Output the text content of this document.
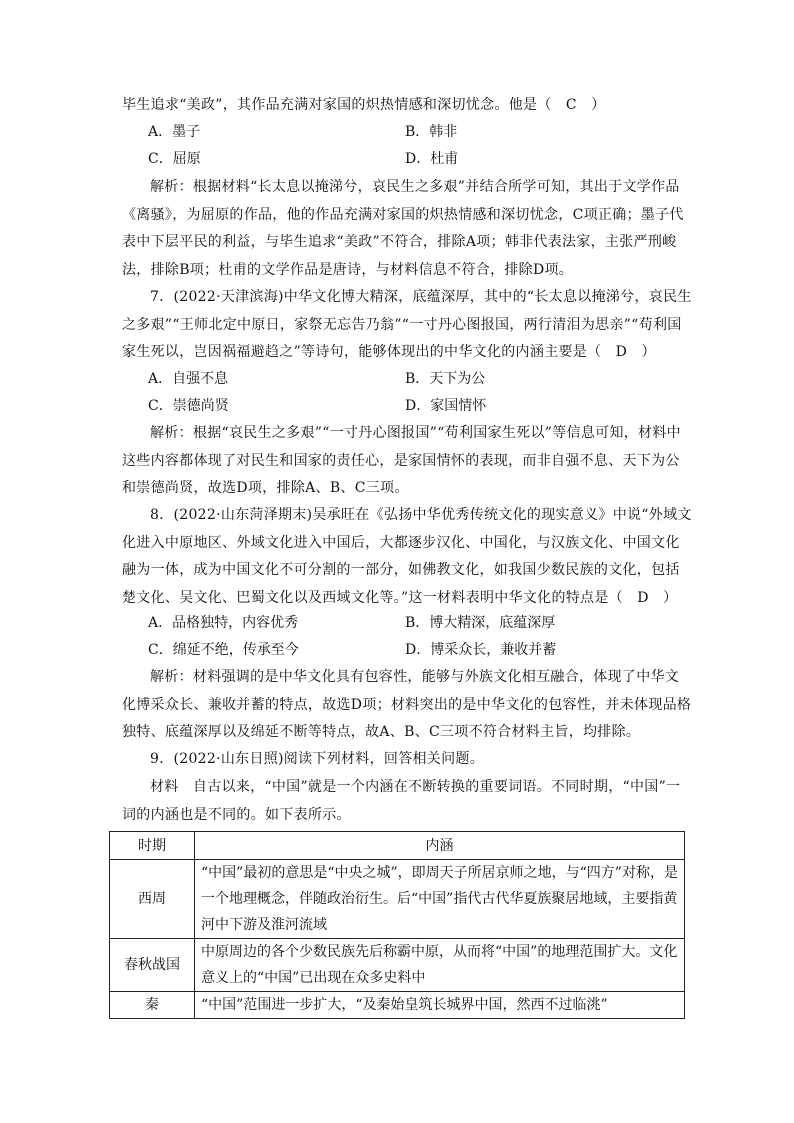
毕生追求“美政”，其作品充满对家国的炽热情感和深切忧念。他是（　C　）

A．墨子	B．韩非
C．屈原	D．杜甫

解析：根据材料“长太息以掩涕兮，哀民生之多艰”并结合所学可知，其出于文学作品《离骚》，为屈原的作品，他的作品充满对家国的炽热情感和深切忧念，C项正确；墨子代表中下层平民的利益，与毕生追求“美政”不符合，排除A项；韩非代表法家，主张严刑峻法，排除B项；杜甫的文学作品是唐诗，与材料信息不符合，排除D项。

7．(2022·天津滨海)中华文化博大精深，底蕴深厚，其中的“长太息以掩涕兮，哀民生之多艰”“王师北定中原日，家祭无忘告乃翁”“一寸丹心图报国，两行清泪为思亲”“苟利国家生死以，岂因祸福避趋之”等诗句，能够体现出的中华文化的内涵主要是（　D　）

A．自强不息	B．天下为公
C．崇德尚贤	D．家国情怀

解析：根据“哀民生之多艰”“一寸丹心图报国”“苟利国家生死以”等信息可知，材料中这些内容都体现了对民生和国家的责任心，是家国情怀的表现，而非自强不息、天下为公和崇德尚贤，故选D项，排除A、B、C三项。

8．(2022·山东菏泽期末)吴承旺在《弘扬中华优秀传统文化的现实意义》中说“外域文化进入中原地区、外域文化进入中国后，大都逐步汉化、中国化，与汉族文化、中国文化融为一体，成为中国文化不可分割的一部分，如佛教文化，如我国少数民族的文化，包括楚文化、吴文化、巴蜀文化以及西域文化等。”这一材料表明中华文化的特点是（　D　）

A．品格独特，内容优秀	B．博大精深，底蕴深厚
C．绵延不绝，传承至今	D．博采众长，兼收并蓄

解析：材料强调的是中华文化具有包容性，能够与外族文化相互融合，体现了中华文化博采众长、兼收并蓄的特点，故选D项；材料突出的是中华文化的包容性，并未体现品格独特、底蕴深厚以及绵延不断等特点，故A、B、C三项不符合材料主旨，均排除。

9．(2022·山东日照)阅读下列材料，回答相关问题。

材料　自古以来，“中国”就是一个内涵在不断转换的重要词语。不同时期，“中国”一词的内涵也是不同的。如下表所示。

时期	内涵
西周	“中国”最初的意思是“中央之城”，即周天子所居京师之地，与“四方”对称，是一个地理概念，伴随政治衍生。后“中国”指代古代华夏族聚居地域，主要指黄河中下游及淮河流域
春秋战国	中原周边的各个少数民族先后称霸中原，从而将“中国”的地理范围扩大。文化意义上的“中国”已出现在众多史料中
秦	“中国”范围进一步扩大，“及秦始皇筑长城界中国，然西不过临洮”
